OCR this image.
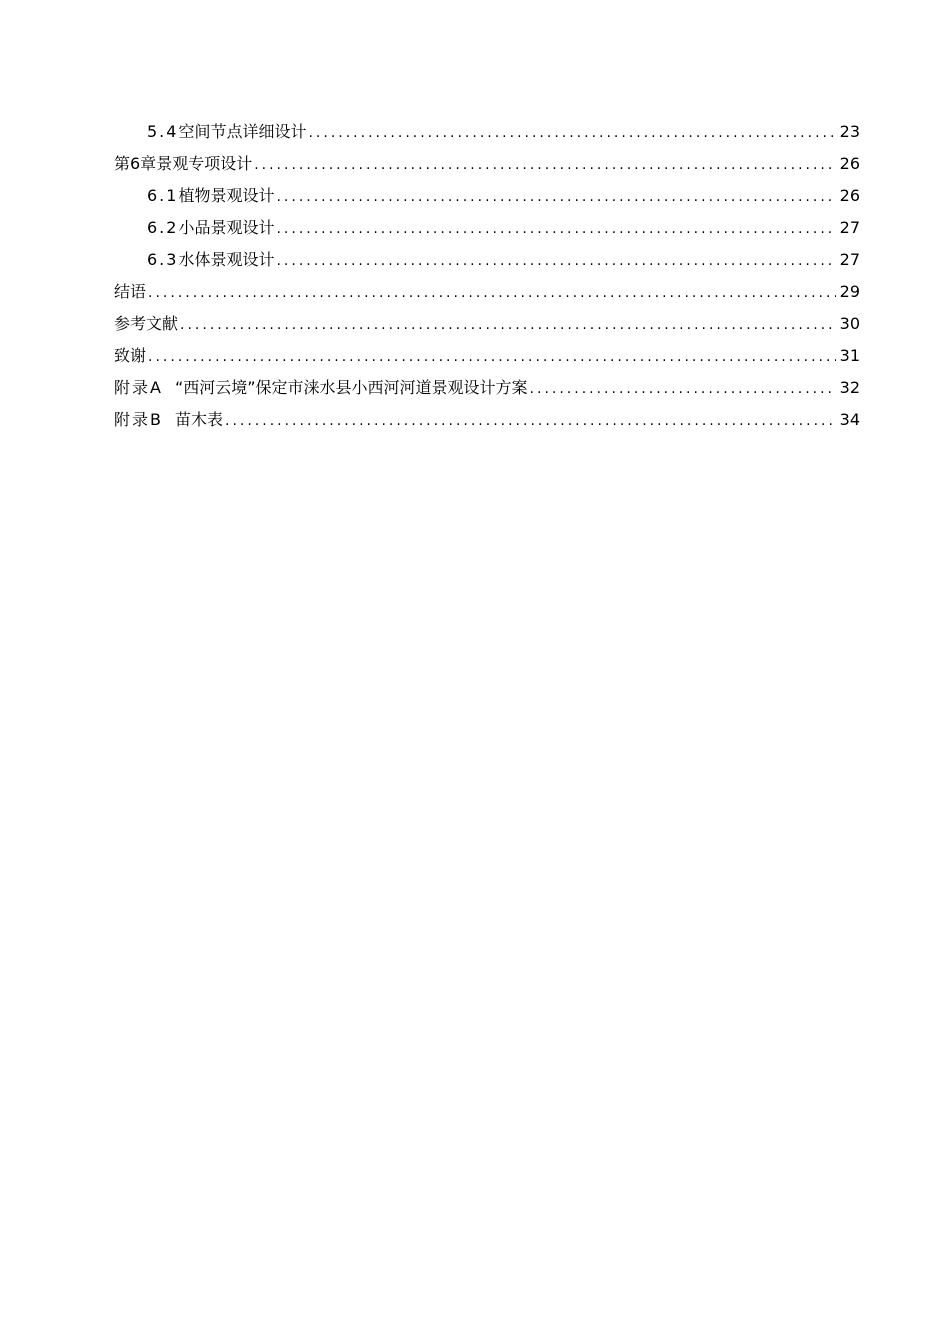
5.4 空间节点详细设计 .....	23
第6章 景观专项设计 .....	26
6.1 植物景观设计 .....	26
6.2 小品景观设计 .....	27
6.3 水体景观设计 .....	27
结 语 .....	29
参考文献 .....	30
致 谢 .....	31
附录A “西河云境”保定市涞水县小西河河道景观设计方案 .....	32
附录B 苗木表 .....	34
